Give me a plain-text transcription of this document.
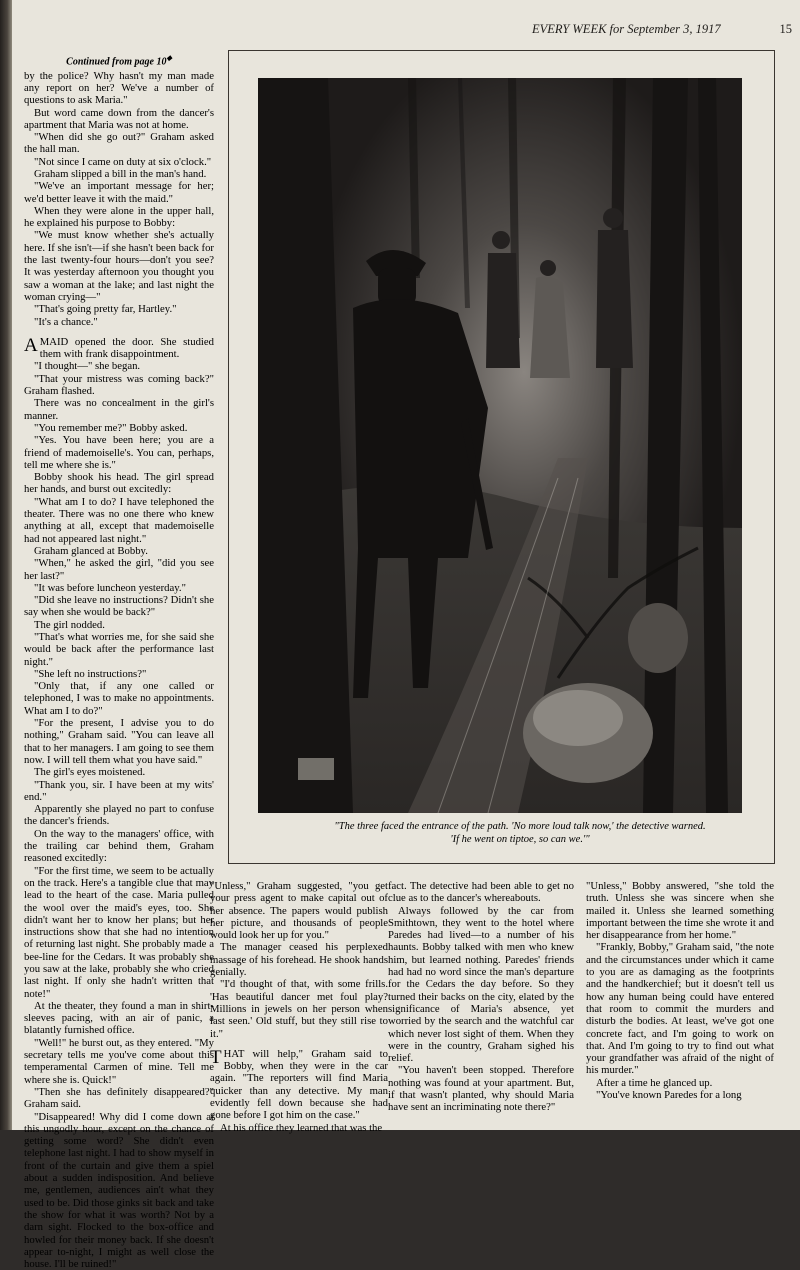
EVERY WEEK for September 3, 1917	15
Continued from page 10◆

by the police? Why hasn't my man made any report on her? We've a number of questions to ask Maria."

But word came down from the dancer's apartment that Maria was not at home.

"When did she go out?" Graham asked the hall man.

"Not since I came on duty at six o'clock."

Graham slipped a bill in the man's hand.

"We've an important message for her; we'd better leave it with the maid."

When they were alone in the upper hall, he explained his purpose to Bobby:

"We must know whether she's actually here. If she isn't—if she hasn't been back for the last twenty-four hours—don't you see? It was yesterday afternoon you thought you saw a woman at the lake; and last night the woman crying—"

"That's going pretty far, Hartley."

"It's a chance."

AMAID opened the door. She studied them with frank disappointment.

"I thought—" she began.

"That your mistress was coming back?" Graham flashed.

There was no concealment in the girl's manner.

"You remember me?" Bobby asked.

"Yes. You have been here; you are a friend of mademoiselle's. You can, perhaps, tell me where she is."

Bobby shook his head. The girl spread her hands, and burst out excitedly:

"What am I to do? I have telephoned the theater. There was no one there who knew anything at all, except that mademoiselle had not appeared last night."

Graham glanced at Bobby.

"When," he asked the girl, "did you see her last?"

"It was before luncheon yesterday."

"Did she leave no instructions? Didn't she say when she would be back?"

The girl nodded.

"That's what worries me, for she said she would be back after the performance last night."

"She left no instructions?"

"Only that, if any one called or telephoned, I was to make no appointments. What am I to do?"

"For the present, I advise you to do nothing," Graham said. "You can leave all that to her managers. I am going to see them now. I will tell them what you have said."

The girl's eyes moistened.

"Thank you, sir. I have been at my wits' end."

Apparently she played no part to confuse the dancer's friends.

On the way to the managers' office, with the trailing car behind them, Graham reasoned excitedly:

"For the first time, we seem to be actually on the track. Here's a tangible clue that may lead to the heart of the case. Maria pulled the wool over the maid's eyes, too. She didn't want her to know her plans; but her instructions show that she had no intention of returning last night. She probably made a bee-line for the Cedars. It was probably she you saw at the lake, probably she who cried last night. If only she hadn't written that note!"

At the theater, they found a man in shirt-sleeves pacing, with an air of panic, a blatantly furnished office.

"Well!" he burst out, as they entered. "My secretary tells me you've come about this temperamental Carmen of mine. Tell me where she is. Quick!"

"Then she has definitely disappeared?" Graham said.

"Disappeared! Why did I come down at this ungodly hour, except on the chance of getting some word? She didn't even telephone last night. I had to show myself in front of the curtain and give them a spiel about a sudden indisposition. And believe me, gentlemen, audiences ain't what they used to be. Did those ginks sit back and take the show for what it was worth? Not by a darn sight. Flocked to the box-office and howled for their money back. If she doesn't appear to-night, I might as well close the house. I'll be ruined!"

"The three faced the entrance of the path. 'No more loud talk now,' the detective warned. 'If he went on tiptoe, so can we.'"

"Unless," Graham suggested, "you get your press agent to make capital out of her absence. The papers would publish her picture, and thousands of people would look her up for you."

The manager ceased his perplexed massage of his forehead. He shook hands genially.

"I'd thought of that, with some frills. 'Has beautiful dancer met foul play? Millions in jewels on her person when last seen.' Old stuff, but they still rise to it."

THAT will help," Graham said to Bobby, when they were in the car again. "The reporters will find Maria quicker than any detective. My man evidently fell down because she had gone before I got him on the case."

At his office they learned that was the

fact. The detective had been able to get no clue as to the dancer's whereabouts.

Always followed by the car from Smithtown, they went to the hotel where Paredes had lived—to a number of his haunts. Bobby talked with men who knew him, but learned nothing. Paredes' friends had had no word since the man's departure for the Cedars the day before. So they turned their backs on the city, elated by the significance of Maria's absence, yet worried by the search and the watchful car which never lost sight of them. When they were in the country, Graham sighed his relief.

"You haven't been stopped. Therefore nothing was found at your apartment. But, if that wasn't planted, why should Maria have sent an incriminating note there?"

"Unless," Bobby answered, "she told the truth. Unless she was sincere when she mailed it. Unless she learned something important between the time she wrote it and her disappearance from her home."

"Frankly, Bobby," Graham said, "the note and the circumstances under which it came to you are as damaging as the footprints and the handkerchief; but it doesn't tell us how any human being could have entered that room to commit the murders and disturb the bodies. At least, we've got one concrete fact, and I'm going to work on that. And I'm going to try to find out what your grandfather was afraid of the night of his murder."

After a time he glanced up.

"You've known Paredes for a long
